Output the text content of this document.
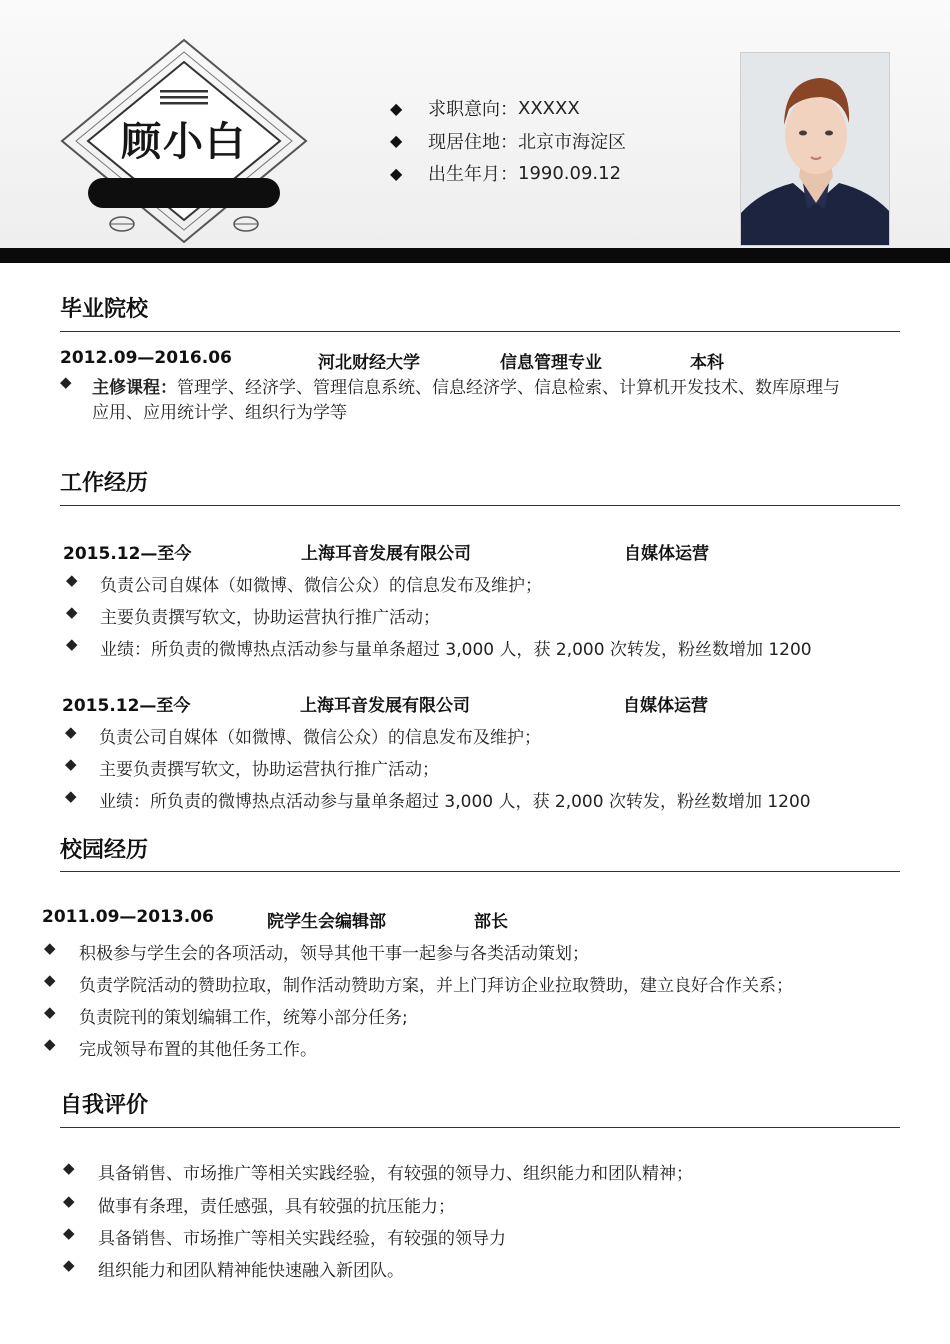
顾小白
◆	求职意向： XXXXX
◆	现居住地： 北京市海淀区
◆	出生年月： 1990.09.12
毕业院校
2012.09—2016.06	河北财经大学	信息管理专业	本科
◆ 主修课程：管理学、经济学、管理信息系统、信息经济学、信息检索、计算机开发技术、数库原理与
应用、应用统计学、组织行为学等
工作经历
2015.12—至今	上海耳音发展有限公司	自媒体运营
◆ 负责公司自媒体（如微博、微信公众）的信息发布及维护；
◆ 主要负责撰写软文，协助运营执行推广活动；
◆ 业绩：所负责的微博热点活动参与量单条超过 3,000 人，获 2,000 次转发，粉丝数增加 1200
2015.12—至今	上海耳音发展有限公司	自媒体运营
◆ 负责公司自媒体（如微博、微信公众）的信息发布及维护；
◆ 主要负责撰写软文，协助运营执行推广活动；
◆ 业绩：所负责的微博热点活动参与量单条超过 3,000 人，获 2,000 次转发，粉丝数增加 1200
校园经历
2011.09—2013.06	院学生会编辑部	部长
◆ 积极参与学生会的各项活动，领导其他干事一起参与各类活动策划；
◆ 负责学院活动的赞助拉取，制作活动赞助方案，并上门拜访企业拉取赞助，建立良好合作关系；
◆ 负责院刊的策划编辑工作，统筹小部分任务;
◆ 完成领导布置的其他任务工作。
自我评价
◆ 具备销售、市场推广等相关实践经验，有较强的领导力、组织能力和团队精神；
◆ 做事有条理，责任感强，具有较强的抗压能力；
◆ 具备销售、市场推广等相关实践经验，有较强的领导力
◆ 组织能力和团队精神能快速融入新团队。
